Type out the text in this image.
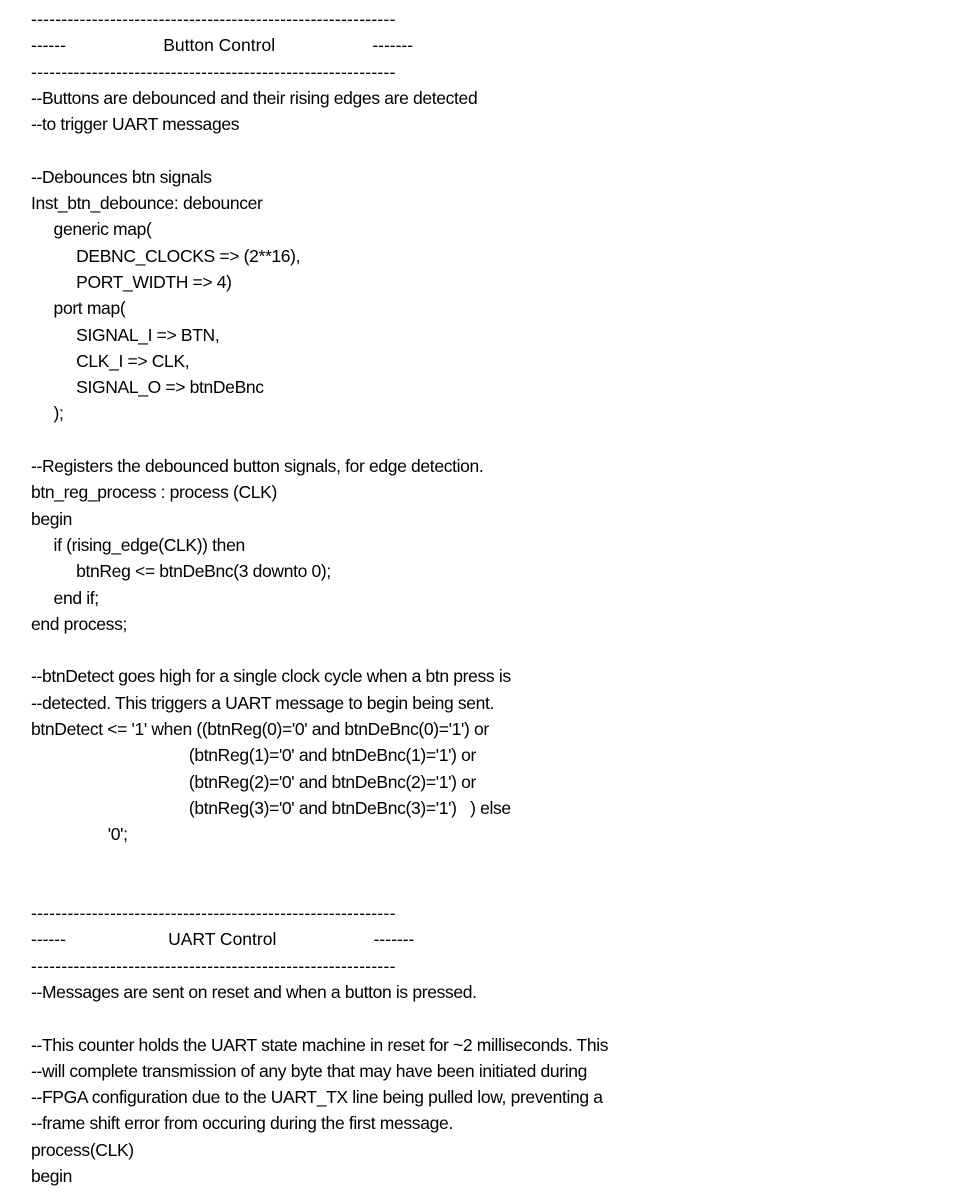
------------------------------------------------------------
------                    Button Control                    -------
------------------------------------------------------------
--Buttons are debounced and their rising edges are detected
--to trigger UART messages
--Debounces btn signals
Inst_btn_debounce: debouncer
generic map(
DEBNC_CLOCKS => (2**16),
PORT_WIDTH => 4)
port map(
SIGNAL_I => BTN,
CLK_I => CLK,
SIGNAL_O => btnDeBnc
);
--Registers the debounced button signals, for edge detection.
btn_reg_process : process (CLK)
begin
if (rising_edge(CLK)) then
btnReg <= btnDeBnc(3 downto 0);
end if;
end process;
--btnDetect goes high for a single clock cycle when a btn press is
--detected. This triggers a UART message to begin being sent.
btnDetect <= '1' when ((btnReg(0)='0' and btnDeBnc(0)='1') or
(btnReg(1)='0' and btnDeBnc(1)='1') or
(btnReg(2)='0' and btnDeBnc(2)='1') or
(btnReg(3)='0' and btnDeBnc(3)='1')   ) else
'0';
------------------------------------------------------------
------                     UART Control                    -------
------------------------------------------------------------
--Messages are sent on reset and when a button is pressed.
--This counter holds the UART state machine in reset for ~2 milliseconds. This
--will complete transmission of any byte that may have been initiated during
--FPGA configuration due to the UART_TX line being pulled low, preventing a
--frame shift error from occuring during the first message.
process(CLK)
begin
